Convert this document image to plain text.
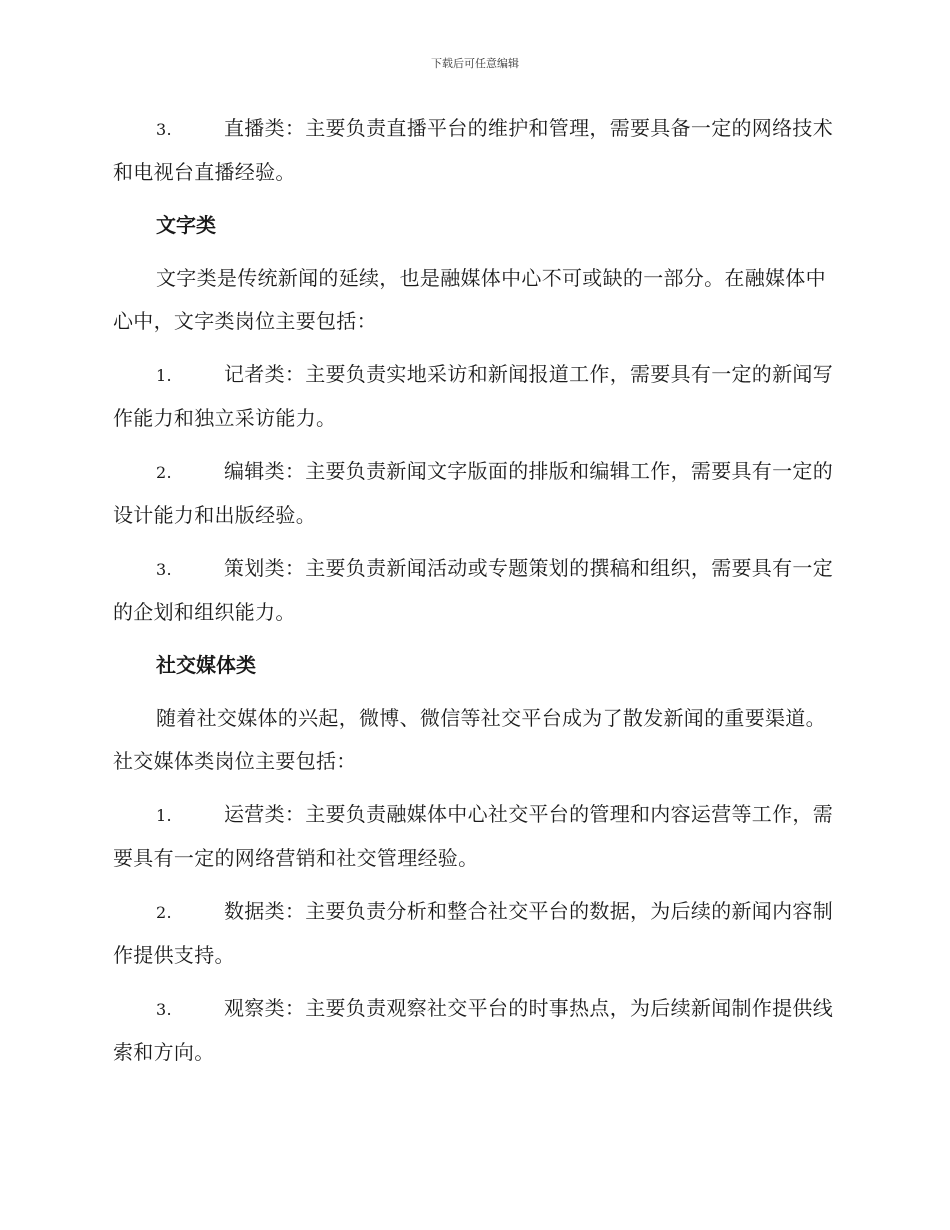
下载后可任意编辑
3.	直播类：主要负责直播平台的维护和管理，需要具备一定的网络技术和电视台直播经验。
文字类
文字类是传统新闻的延续，也是融媒体中心不可或缺的一部分。在融媒体中心中，文字类岗位主要包括：
1.	记者类：主要负责实地采访和新闻报道工作，需要具有一定的新闻写作能力和独立采访能力。
2.	编辑类：主要负责新闻文字版面的排版和编辑工作，需要具有一定的设计能力和出版经验。
3.	策划类：主要负责新闻活动或专题策划的撰稿和组织，需要具有一定的企划和组织能力。
社交媒体类
随着社交媒体的兴起，微博、微信等社交平台成为了散发新闻的重要渠道。社交媒体类岗位主要包括：
1.	运营类：主要负责融媒体中心社交平台的管理和内容运营等工作，需要具有一定的网络营销和社交管理经验。
2.	数据类：主要负责分析和整合社交平台的数据，为后续的新闻内容制作提供支持。
3.	观察类：主要负责观察社交平台的时事热点，为后续新闻制作提供线索和方向。
